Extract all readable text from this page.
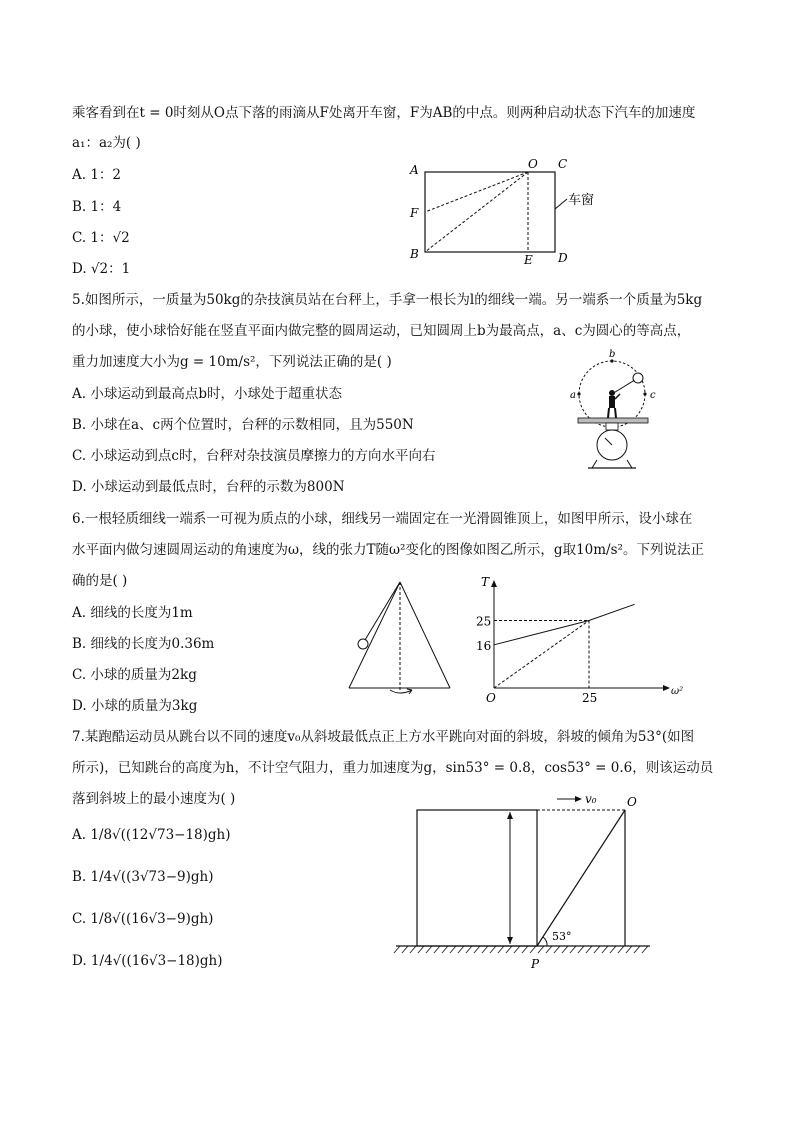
乘客看到在t = 0时刻从O点下落的雨滴从F处离开车窗，F为AB的中点。则两种启动状态下汽车的加速度
a₁：a₂为( )
A. 1：2
B. 1：4
C. 1：√2
D. √2：1
A	O C
F
B	E D
车窗
5.如图所示，一质量为50kg的杂技演员站在台秤上，手拿一根长为l的细线一端。另一端系一个质量为5kg
的小球，使小球恰好能在竖直平面内做完整的圆周运动，已知圆周上b为最高点，a、c为圆心的等高点，
重力加速度大小为g = 10m/s²，下列说法正确的是( )
A. 小球运动到最高点b时，小球处于超重状态
B. 小球在a、c两个位置时，台秤的示数相同，且为550N
C. 小球运动到点c时，台秤对杂技演员摩擦力的方向水平向右
D. 小球运动到最低点时，台秤的示数为800N
b
a	c
6.一根轻质细线一端系一可视为质点的小球，细线另一端固定在一光滑圆锥顶上，如图甲所示，设小球在
水平面内做匀速圆周运动的角速度为ω，线的张力T随ω²变化的图像如图乙所示，g取10m/s²。下列说法正
确的是( )
A. 细线的长度为1m
B. 细线的长度为0.36m
C. 小球的质量为2kg
D. 小球的质量为3kg
T
ω²
O
16
25
25
7.某跑酷运动员从跳台以不同的速度v₀从斜坡最低点正上方水平跳向对面的斜坡，斜坡的倾角为53°(如图
所示)，已知跳台的高度为h，不计空气阻力，重力加速度为g，sin53° = 0.8，cos53° = 0.6，则该运动员
落到斜坡上的最小速度为( )
A. 1/8√((12√73−18)gh)
B. 1/4√((3√73−9)gh)
C. 1/8√((16√3−9)gh)
D. 1/4√((16√3−18)gh)
v₀	O
53°
P
